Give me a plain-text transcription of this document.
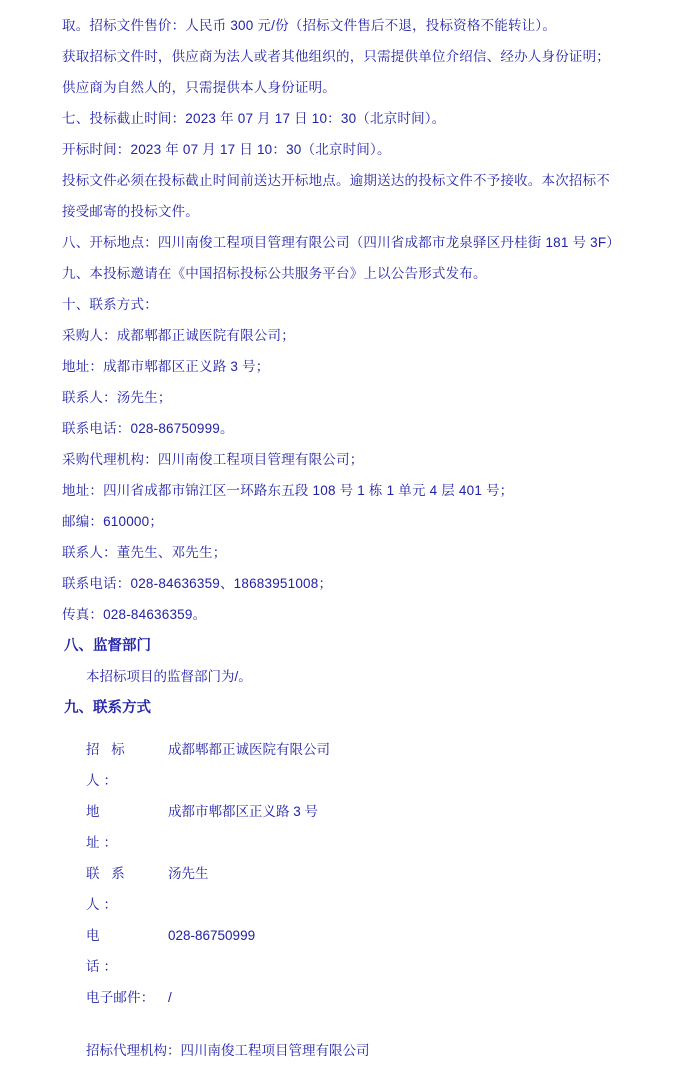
取。招标文件售价：人民币 300 元/份（招标文件售后不退，投标资格不能转让）。
获取招标文件时，供应商为法人或者其他组织的，只需提供单位介绍信、经办人身份证明；
供应商为自然人的，只需提供本人身份证明。
七、投标截止时间：2023 年 07 月 17 日 10：30（北京时间）。
开标时间：2023 年 07 月 17 日 10：30（北京时间）。
投标文件必须在投标截止时间前送达开标地点。逾期送达的投标文件不予接收。本次招标不
接受邮寄的投标文件。
八、开标地点：四川南俊工程项目管理有限公司（四川省成都市龙泉驿区丹桂街 181 号 3F）
九、本投标邀请在《中国招标投标公共服务平台》上以公告形式发布。
十、联系方式：
采购人：成都郫都正诚医院有限公司；
地址：成都市郫都区正义路 3 号；
联系人：汤先生；
联系电话：028-86750999。
采购代理机构：四川南俊工程项目管理有限公司；
地址：四川省成都市锦江区一环路东五段 108 号 1 栋 1 单元 4 层 401 号；
邮编：610000；
联系人：董先生、邓先生；
联系电话：028-84636359、18683951008；
传真：028-84636359。
八、监督部门
本招标项目的监督部门为/。
九、联系方式
招 标 人：
成都郫都正诚医院有限公司
地　　址：
成都市郫都区正义路 3 号
联 系 人：
汤先生
电　　话：
028-86750999
电子邮件：	/
招标代理机构：四川南俊工程项目管理有限公司
